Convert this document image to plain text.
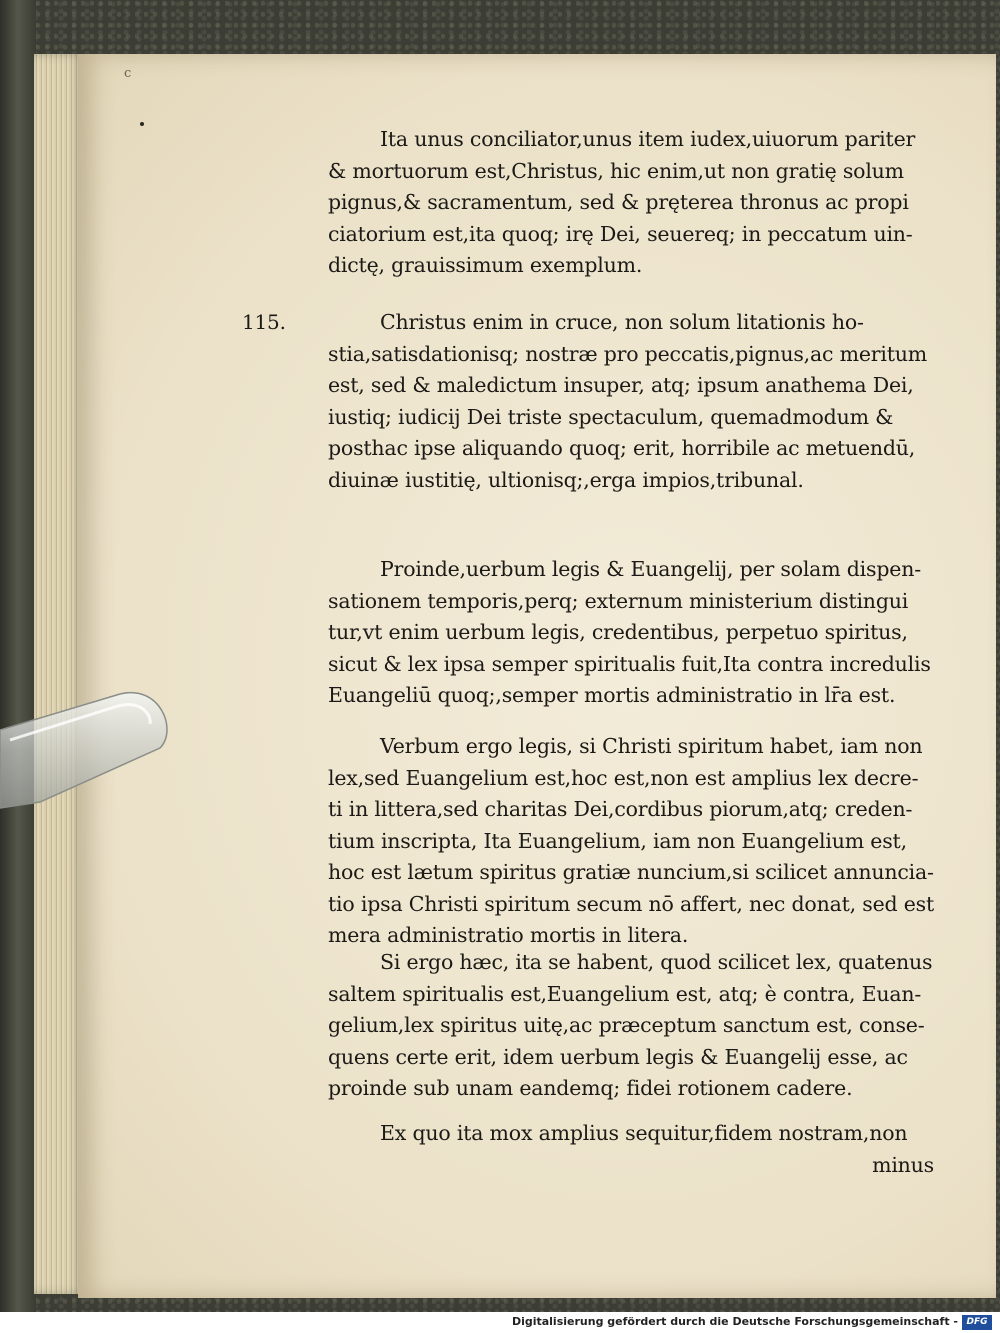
c
Ita unus conciliator,unus item iudex,uiuorum pariter
& mortuorum est,Christus, hic enim,ut non gratię solum
pignus,& sacramentum, sed & pręterea thronus ac propi
ciatorium est,ita quoq; irę Dei, seuereq; in peccatum uin-
dictę, grauissimum exemplum.
115.	Christus enim in cruce, non solum litationis ho-
stia,satisdationisq; nostræ pro peccatis,pignus,ac meritum
est, sed & maledictum insuper, atq; ipsum anathema Dei,
iustiq; iudicij Dei triste spectaculum, quemadmodum &
posthac ipse aliquando quoq; erit, horribile ac metuendū,
diuinæ iustitię, ultionisq;,erga impios,tribunal.
Proinde,uerbum legis & Euangelij, per solam dispen-
sationem temporis,perq; externum ministerium distingui
tur,vt enim uerbum legis, credentibus, perpetuo spiritus,
sicut & lex ipsa semper spiritualis fuit,Ita contra incredulis
Euangeliū quoq;,semper mortis administratio in lr̄a est.
Verbum ergo legis, si Christi spiritum habet, iam non
lex,sed Euangelium est,hoc est,non est amplius lex decre-
ti in littera,sed charitas Dei,cordibus piorum,atq; creden-
tium inscripta, Ita Euangelium, iam non Euangelium est,
hoc est lætum spiritus gratiæ nuncium,si scilicet annuncia-
tio ipsa Christi spiritum secum nō affert, nec donat, sed est
mera administratio mortis in litera.
Si ergo hæc, ita se habent, quod scilicet lex, quatenus
saltem spiritualis est,Euangelium est, atq; è contra, Euan-
gelium,lex spiritus uitę,ac præceptum sanctum est, conse-
quens certe erit, idem uerbum legis & Euangelij esse, ac
proinde sub unam eandemq; fidei rotionem cadere.
Ex quo ita mox amplius sequitur,fidem nostram,non
minus
Digitalisierung gefördert durch die Deutsche Forschungsgemeinschaft - DFG
